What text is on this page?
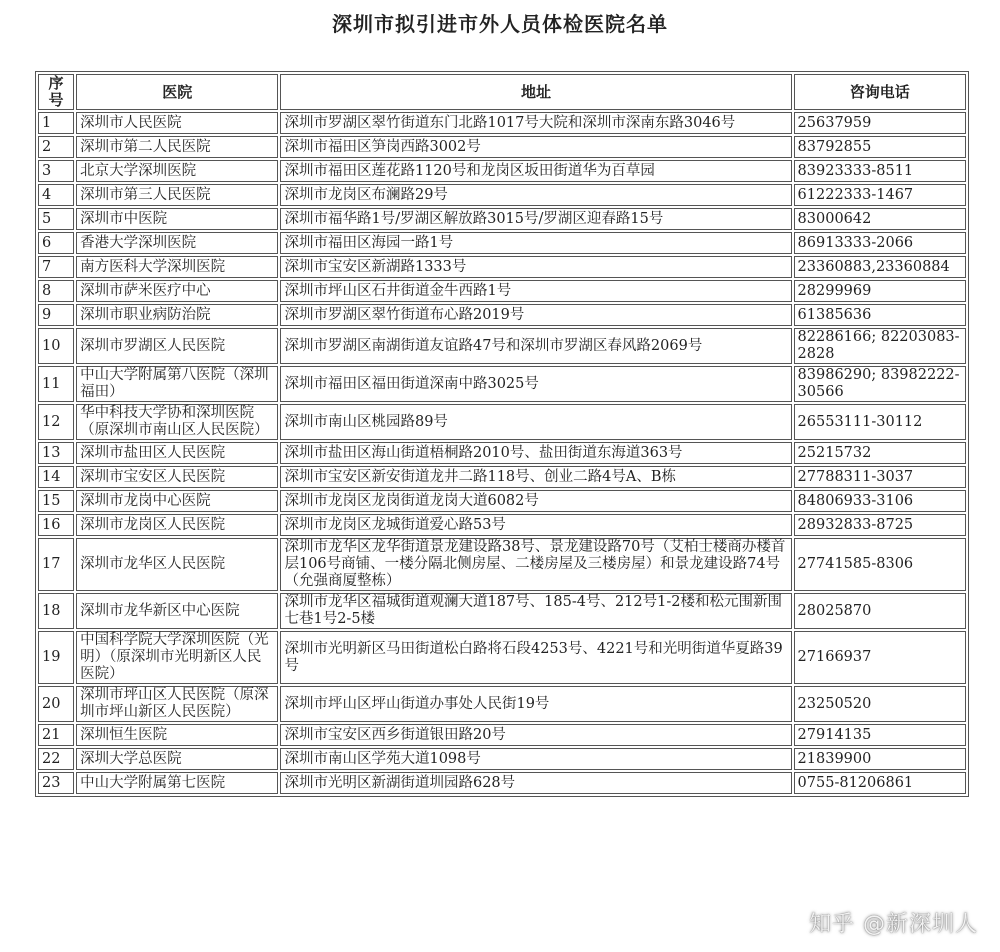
深圳市拟引进市外人员体检医院名单
序号	医院	地址	咨询电话
1	深圳市人民医院	深圳市罗湖区翠竹街道东门北路1017号大院和深圳市深南东路3046号	25637959
2	深圳市第二人民医院	深圳市福田区笋岗西路3002号	83792855
3	北京大学深圳医院	深圳市福田区莲花路1120号和龙岗区坂田街道华为百草园	83923333-8511
4	深圳市第三人民医院	深圳市龙岗区布澜路29号	61222333-1467
5	深圳市中医院	深圳市福华路1号/罗湖区解放路3015号/罗湖区迎春路15号	83000642
6	香港大学深圳医院	深圳市福田区海园一路1号	86913333-2066
7	南方医科大学深圳医院	深圳市宝安区新湖路1333号	23360883,23360884
8	深圳市萨米医疗中心	深圳市坪山区石井街道金牛西路1号	28299969
9	深圳市职业病防治院	深圳市罗湖区翠竹街道布心路2019号	61385636
10	深圳市罗湖区人民医院	深圳市罗湖区南湖街道友谊路47号和深圳市罗湖区春风路2069号	82286166; 82203083-2828
11	中山大学附属第八医院（深圳福田）	深圳市福田区福田街道深南中路3025号	83986290; 83982222-30566
12	华中科技大学协和深圳医院（原深圳市南山区人民医院）	深圳市南山区桃园路89号	26553111-30112
13	深圳市盐田区人民医院	深圳市盐田区海山街道梧桐路2010号、盐田街道东海道363号	25215732
14	深圳市宝安区人民医院	深圳市宝安区新安街道龙井二路118号、创业二路4号A、B栋	27788311-3037
15	深圳市龙岗中心医院	深圳市龙岗区龙岗街道龙岗大道6082号	84806933-3106
16	深圳市龙岗区人民医院	深圳市龙岗区龙城街道爱心路53号	28932833-8725
17	深圳市龙华区人民医院	深圳市龙华区龙华街道景龙建设路38号、景龙建设路70号（艾柏士楼商办楼首层106号商铺、一楼分隔北侧房屋、二楼房屋及三楼房屋）和景龙建设路74号（允强商厦整栋）	27741585-8306
18	深圳市龙华新区中心医院	深圳市龙华区福城街道观澜大道187号、185-4号、212号1-2楼和松元围新围七巷1号2-5楼	28025870
19	中国科学院大学深圳医院（光明）（原深圳市光明新区人民医院）	深圳市光明新区马田街道松白路将石段4253号、4221号和光明街道华夏路39号	27166937
20	深圳市坪山区人民医院（原深圳市坪山新区人民医院）	深圳市坪山区坪山街道办事处人民街19号	23250520
21	深圳恒生医院	深圳市宝安区西乡街道银田路20号	27914135
22	深圳大学总医院	深圳市南山区学苑大道1098号	21839900
23	中山大学附属第七医院	深圳市光明区新湖街道圳园路628号	0755-81206861
知乎 @新深圳人
